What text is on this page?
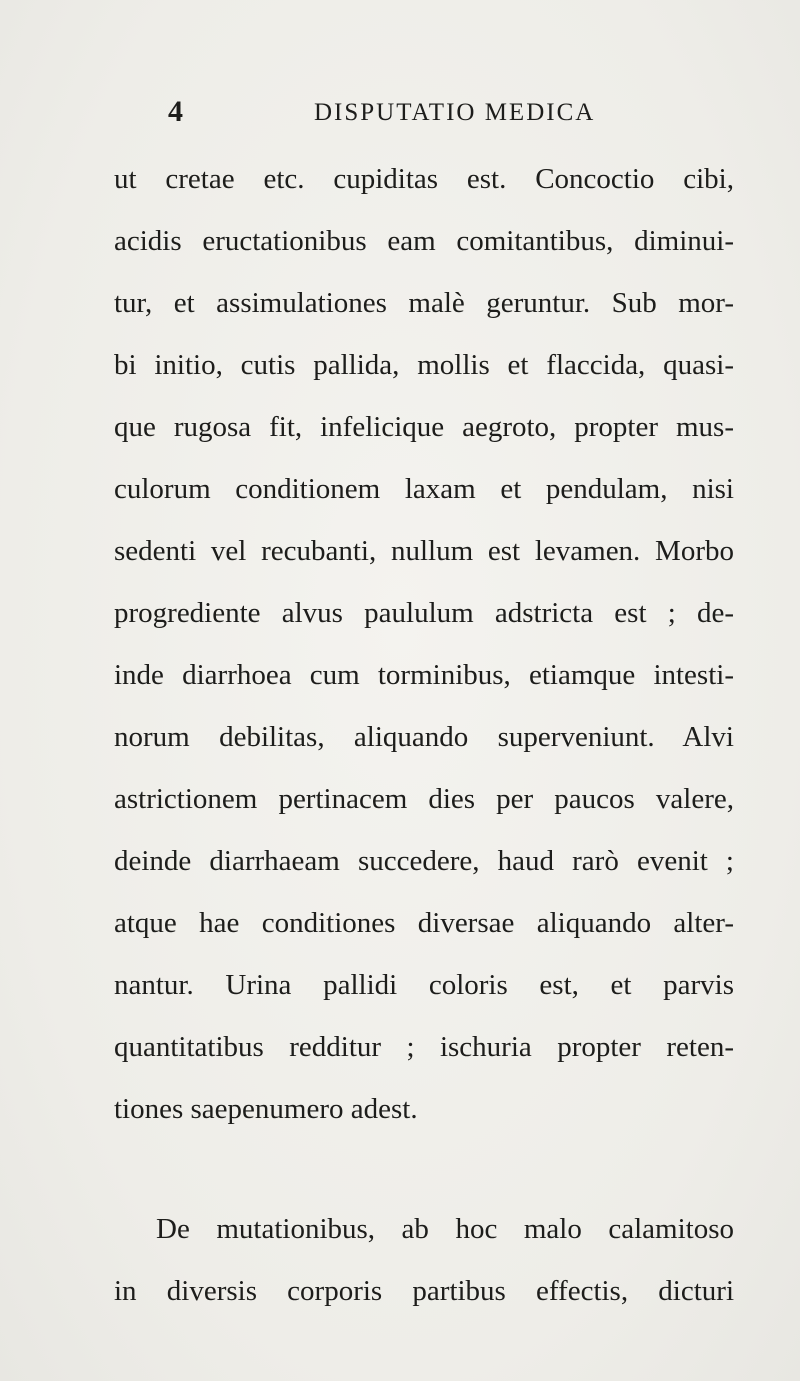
4	DISPUTATIO MEDICA
ut cretae etc. cupiditas est. Concoctio cibi,
acidis eructationibus eam comitantibus, diminui-
tur, et assimulationes malè geruntur. Sub mor-
bi initio, cutis pallida, mollis et flaccida, quasi-
que rugosa fit, infelicique aegroto, propter mus-
culorum conditionem laxam et pendulam, nisi
sedenti vel recubanti, nullum est levamen. Morbo
progrediente alvus paululum adstricta est ; de-
inde diarrhoea cum torminibus, etiamque intesti-
norum debilitas, aliquando superveniunt. Alvi
astrictionem pertinacem dies per paucos valere,
deinde diarrhaeam succedere, haud rarò evenit ;
atque hae conditiones diversae aliquando alter-
nantur. Urina pallidi coloris est, et parvis
quantitatibus redditur ; ischuria propter reten-
tiones saepenumero adest.
De mutationibus, ab hoc malo calamitoso
in diversis corporis partibus effectis, dicturi
